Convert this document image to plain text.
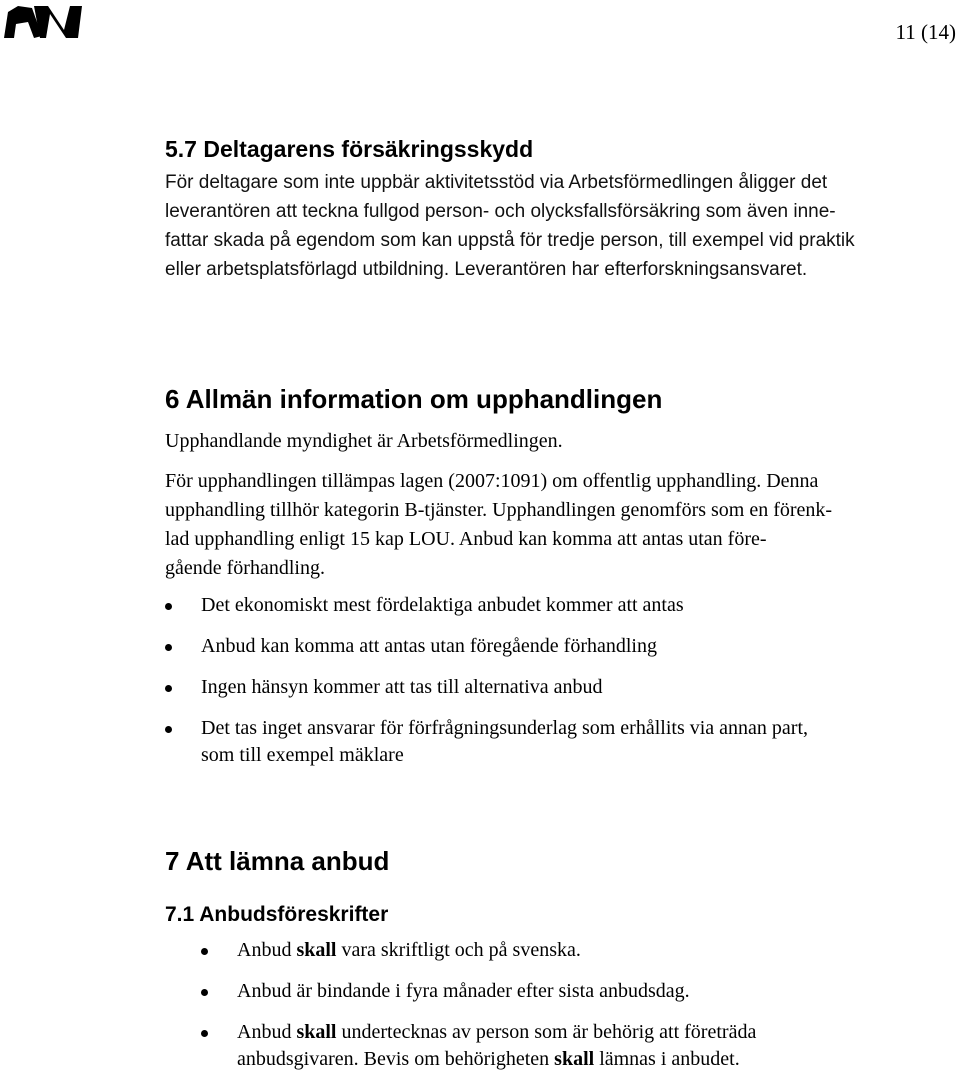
11 (14)
5.7 Deltagarens försäkringsskydd
För deltagare som inte uppbär aktivitetsstöd via Arbetsförmedlingen åligger det
leverantören att teckna fullgod person- och olycksfallsförsäkring som även inne-
fattar skada på egendom som kan uppstå för tredje person, till exempel vid praktik
eller arbetsplatsförlagd utbildning. Leverantören har efterforskningsansvaret.
6 Allmän information om upphandlingen
Upphandlande myndighet är Arbetsförmedlingen.
För upphandlingen tillämpas lagen (2007:1091) om offentlig upphandling. Denna
upphandling tillhör kategorin B-tjänster. Upphandlingen genomförs som en förenk-
lad upphandling enligt 15 kap LOU. Anbud kan komma att antas utan före-
gående förhandling.
Det ekonomiskt mest fördelaktiga anbudet kommer att antas
Anbud kan komma att antas utan föregående förhandling
Ingen hänsyn kommer att tas till alternativa anbud
Det tas inget ansvarar för förfrågningsunderlag som erhållits via annan part,
som till exempel mäklare
7 Att lämna anbud
7.1 Anbudsföreskrifter
Anbud skall vara skriftligt och på svenska.
Anbud är bindande i fyra månader efter sista anbudsdag.
Anbud skall undertecknas av person som är behörig att företräda
anbudsgivaren. Bevis om behörigheten skall lämnas i anbudet.
